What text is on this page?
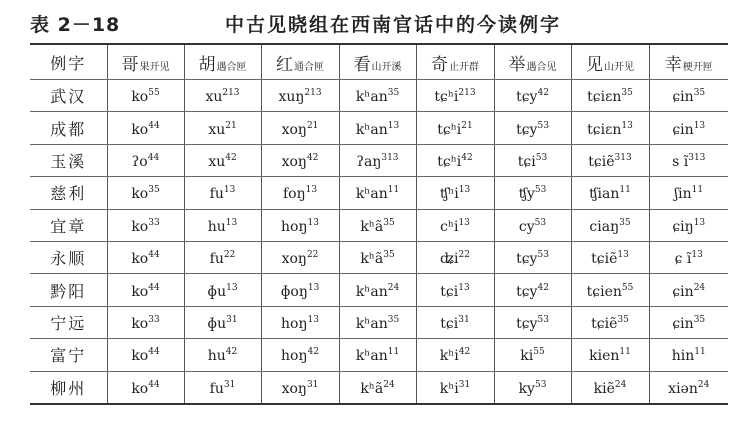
表 2－18	中古见晓组在西南官话中的今读例字
例字	哥果开见	胡遇合匣	红通合匣	看山开溪	奇止开群	举遇合见	见山开见	幸梗开匣
武汉	$ko^{55}$	$xu^{213}$	xuŋ$^{213}$	kʰan$^{35}$	tɕʰi$^{213}$	tɕy$^{42}$	tɕiɛn$^{35}$	ɕin$^{35}$
成都	$ko^{44}$	$xu^{21}$	xoŋ$^{21}$	kʰan$^{13}$	tɕʰi$^{21}$	tɕy$^{53}$	tɕiɛn$^{13}$	ɕin$^{13}$
玉溪	ʔo$^{44}$	$xu^{42}$	xoŋ$^{42}$	ʔaŋ$^{313}$	tɕʰi$^{42}$	tɕi$^{53}$	tɕiẽ$^{313}$	s $ĩ^{313}$
慈利	$ko^{35}$	$fu^{13}$	foŋ$^{13}$	kʰan$^{11}$	ʧʰi$^{13}$	ʧy$^{53}$	ʧian$^{11}$	ʃin$^{11}$
宜章	$ko^{33}$	$hu^{13}$	hoŋ$^{13}$	kʰã$^{35}$	cʰi$^{13}$	$cy^{53}$	ciaŋ$^{35}$	ɕiŋ$^{13}$
永顺	$ko^{44}$	$fu^{22}$	xoŋ$^{22}$	kʰã$^{35}$	ʥi$^{22}$	tɕy$^{53}$	tɕiẽ$^{13}$	ɕ $ĩ^{13}$
黔阳	$ko^{44}$	ɸu$^{13}$	ɸoŋ$^{13}$	kʰan$^{24}$	tɕi$^{13}$	tɕy$^{42}$	tɕien$^{55}$	ɕin$^{24}$
宁远	$ko^{33}$	ɸu$^{31}$	hoŋ$^{13}$	kʰan$^{35}$	tɕi$^{31}$	tɕy$^{53}$	tɕiẽ$^{35}$	ɕin$^{35}$
富宁	$ko^{44}$	$hu^{42}$	hoŋ$^{42}$	kʰan$^{11}$	kʰi$^{42}$	$ki^{55}$	kien$^{11}$	hin$^{11}$
柳州	$ko^{44}$	$fu^{31}$	xoŋ$^{31}$	kʰã$^{24}$	kʰi$^{31}$	$ky^{53}$	kiẽ$^{24}$	xiən$^{24}$
